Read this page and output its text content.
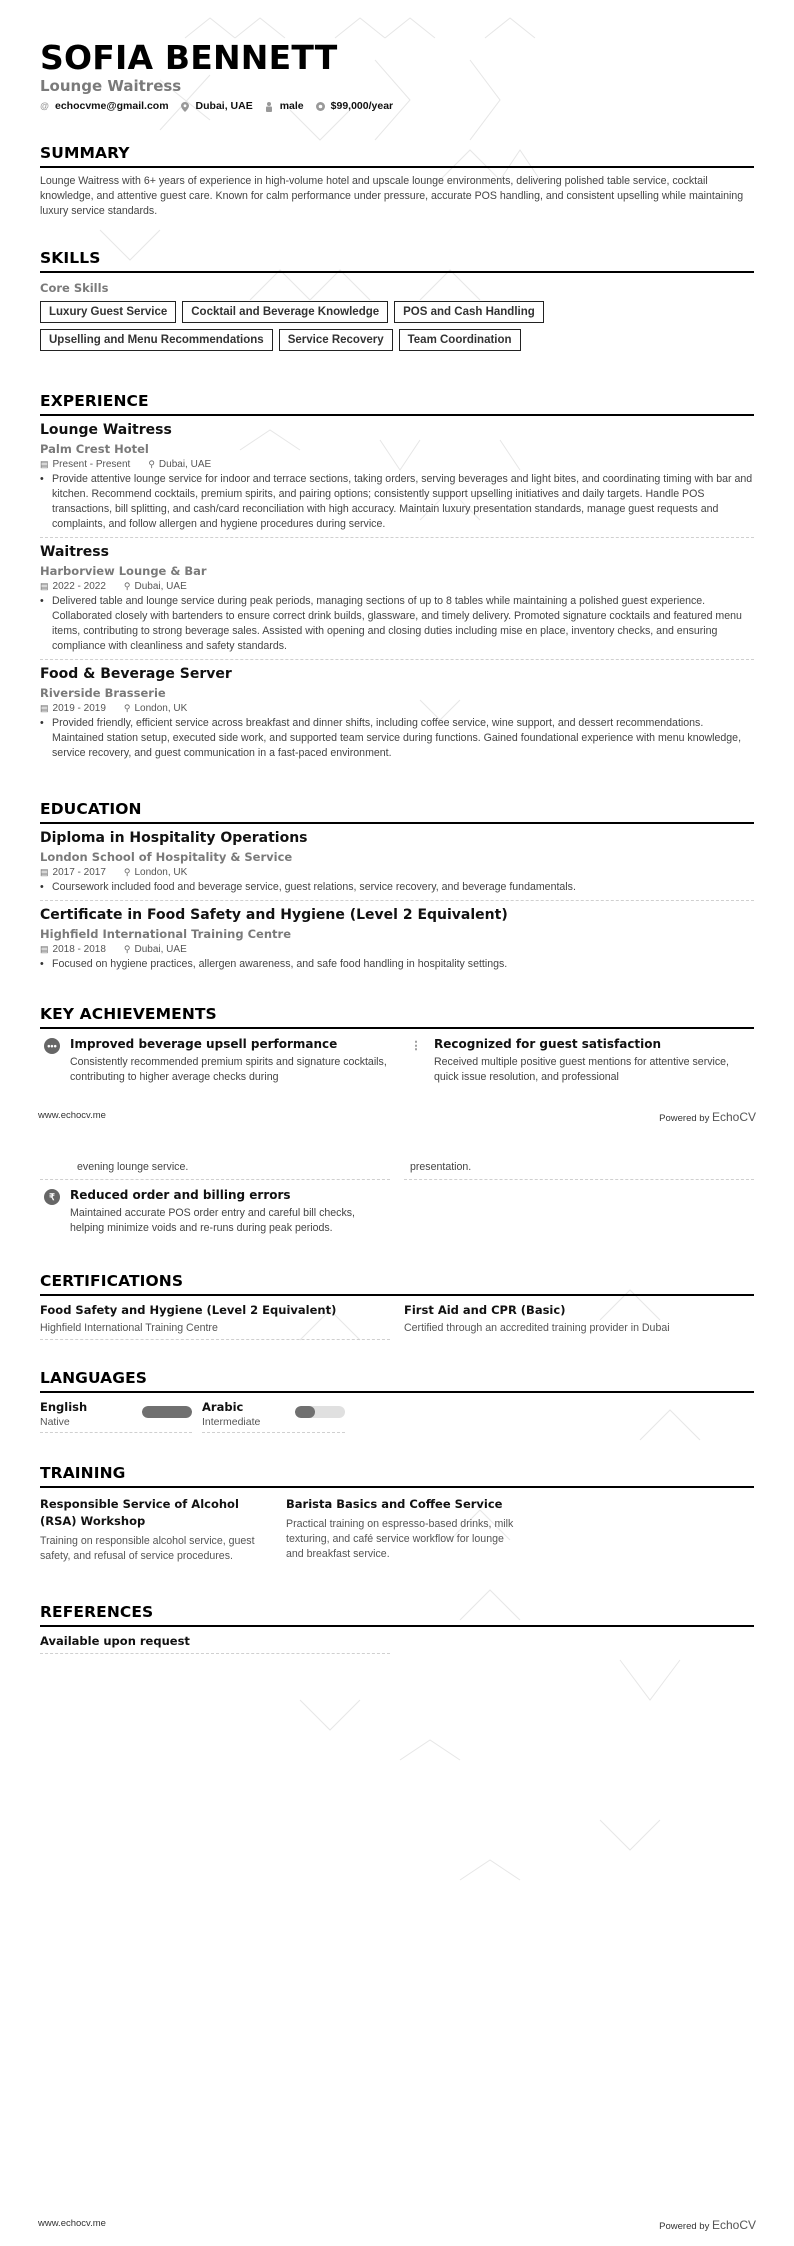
SOFIA BENNETT
Lounge Waitress
@ echocvme@gmail.com	Dubai, UAE	male	$99,000/year
SUMMARY
Lounge Waitress with 6+ years of experience in high-volume hotel and upscale lounge environments, delivering polished table service, cocktail knowledge, and attentive guest care. Known for calm performance under pressure, accurate POS handling, and consistent upselling while maintaining luxury service standards.
SKILLS
Core Skills
Luxury Guest Service	Cocktail and Beverage Knowledge	POS and Cash Handling
Upselling and Menu Recommendations	Service Recovery	Team Coordination
EXPERIENCE
Lounge Waitress
Palm Crest Hotel
▤ Present - Present ⚲ Dubai, UAE
• Provide attentive lounge service for indoor and terrace sections, taking orders, serving beverages and light bites, and coordinating timing with bar and kitchen. Recommend cocktails, premium spirits, and pairing options; consistently support upselling initiatives and daily targets. Handle POS transactions, bill splitting, and cash/card reconciliation with high accuracy. Maintain luxury presentation standards, manage guest requests and complaints, and follow allergen and hygiene procedures during service.
Waitress
Harborview Lounge & Bar
▤ 2022 - 2022 ⚲ Dubai, UAE
• Delivered table and lounge service during peak periods, managing sections of up to 8 tables while maintaining a polished guest experience. Collaborated closely with bartenders to ensure correct drink builds, glassware, and timely delivery. Promoted signature cocktails and featured menu items, contributing to strong beverage sales. Assisted with opening and closing duties including mise en place, inventory checks, and ensuring compliance with cleanliness and safety standards.
Food & Beverage Server
Riverside Brasserie
▤ 2019 - 2019 ⚲ London, UK
• Provided friendly, efficient service across breakfast and dinner shifts, including coffee service, wine support, and dessert recommendations. Maintained station setup, executed side work, and supported team service during functions. Gained foundational experience with menu knowledge, service recovery, and guest communication in a fast-paced environment.
EDUCATION
Diploma in Hospitality Operations
London School of Hospitality & Service
▤ 2017 - 2017 ⚲ London, UK
• Coursework included food and beverage service, guest relations, service recovery, and beverage fundamentals.
Certificate in Food Safety and Hygiene (Level 2 Equivalent)
Highfield International Training Centre
▤ 2018 - 2018 ⚲ Dubai, UAE
• Focused on hygiene practices, allergen awareness, and safe food handling in hospitality settings.
KEY ACHIEVEMENTS
••• Improved beverage upsell performance
Consistently recommended premium spirits and signature cocktails, contributing to higher average checks during
⋮ Recognized for guest satisfaction
Received multiple positive guest mentions for attentive service, quick issue resolution, and professional
www.echocv.me	Powered by EchoCV
evening lounge service.	presentation.
₹	Reduced order and billing errors
Maintained accurate POS order entry and careful bill checks, helping minimize voids and re-runs during peak periods.
CERTIFICATIONS
Food Safety and Hygiene (Level 2 Equivalent)
Highfield International Training Centre
First Aid and CPR (Basic)
Certified through an accredited training provider in Dubai
LANGUAGES
English
Native
Arabic
Intermediate
TRAINING
Responsible Service of Alcohol (RSA) Workshop
Training on responsible alcohol service, guest safety, and refusal of service procedures.
Barista Basics and Coffee Service
Practical training on espresso-based drinks, milk texturing, and café service workflow for lounge and breakfast service.
REFERENCES
Available upon request
www.echocv.me	Powered by EchoCV
